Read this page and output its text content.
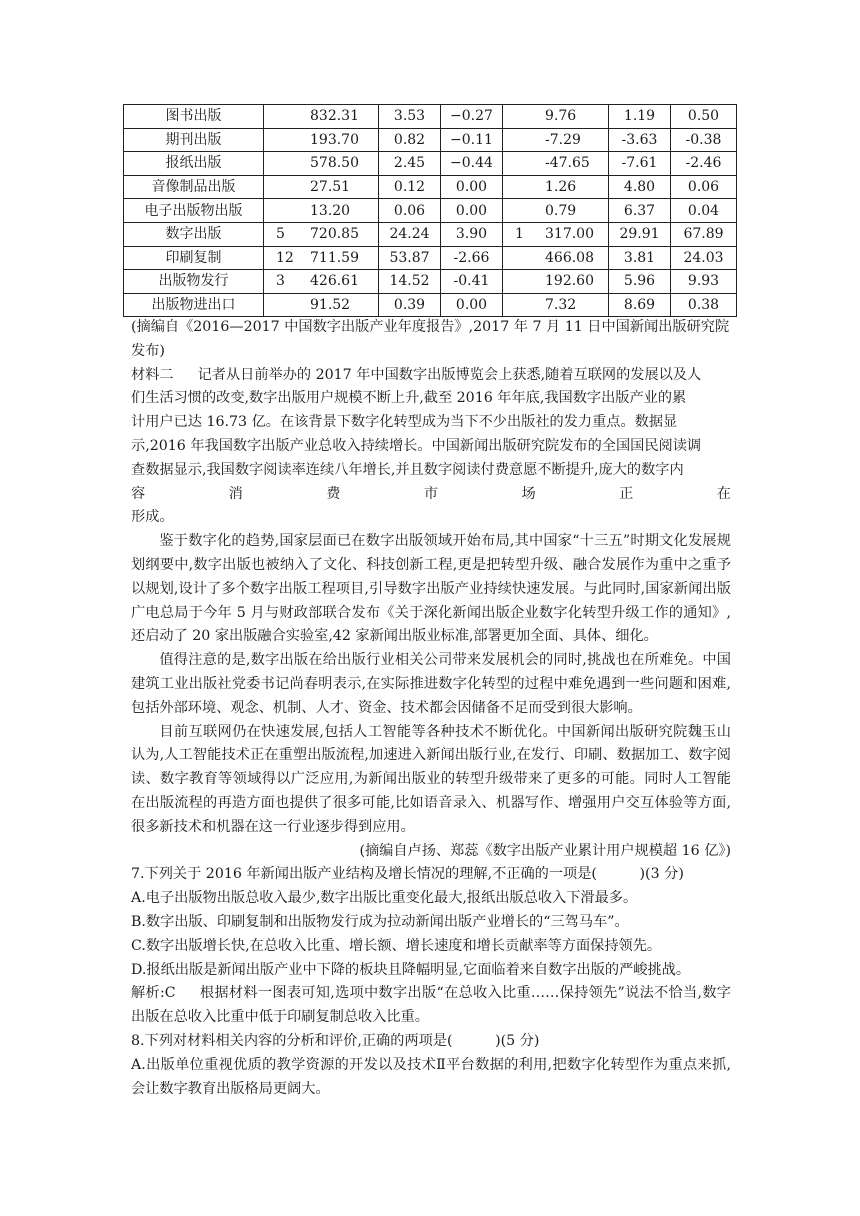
图书出版	832.31	3.53	−0.27	9.76	1.19	0.50
期刊出版	193.70	0.82	−0.11	-7.29	-3.63	-0.38
报纸出版	578.50	2.45	−0.44	-47.65	-7.61	-2.46
音像制品出版	27.51	0.12	0.00	1.26	4.80	0.06
电子出版物出版	13.20	0.06	0.00	0.79	6.37	0.04
数字出版	5 720.85	24.24	3.90	1 317.00	29.91	67.89
印刷复制	12 711.59	53.87	-2.66	466.08	3.81	24.03
出版物发行	3 426.61	14.52	-0.41	192.60	5.96	9.93
出版物进出口	91.52	0.39	0.00	7.32	8.69	0.38

(摘编自《2016—2017 中国数字出版产业年度报告》,2017 年 7 月 11 日中国新闻出版研究院
发布)

材料二 记者从日前举办的 2017 年中国数字出版博览会上获悉,随着互联网的发展以及人
们生活习惯的改变,数字出版用户规模不断上升,截至 2016 年年底,我国数字出版产业的累
计用户已达 16.73 亿。在该背景下数字化转型成为当下不少出版社的发力重点。数据显
示,2016 年我国数字出版产业总收入持续增长。中国新闻出版研究院发布的全国国民阅读调
查数据显示,我国数字阅读率连续八年增长,并且数字阅读付费意愿不断提升,庞大的数字内

容	消	费	市	场	正	在

形成。

鉴于数字化的趋势,国家层面已在数字出版领域开始布局,其中国家“十三五”时期文化发展规划纲要中,数字出版也被纳入了文化、科技创新工程,更是把转型升级、融合发展作为重中之重予以规划,设计了多个数字出版工程项目,引导数字出版产业持续快速发展。与此同时,国家新闻出版广电总局于今年 5 月与财政部联合发布《关于深化新闻出版企业数字化转型升级工作的通知》,还启动了 20 家出版融合实验室,42 家新闻出版业标准,部署更加全面、具体、细化。

值得注意的是,数字出版在给出版行业相关公司带来发展机会的同时,挑战也在所难免。中国建筑工业出版社党委书记尚春明表示,在实际推进数字化转型的过程中难免遇到一些问题和困难,包括外部环境、观念、机制、人才、资金、技术都会因储备不足而受到很大影响。

目前互联网仍在快速发展,包括人工智能等各种技术不断优化。中国新闻出版研究院魏玉山认为,人工智能技术正在重塑出版流程,加速进入新闻出版行业,在发行、印刷、数据加工、数字阅读、数字教育等领域得以广泛应用,为新闻出版业的转型升级带来了更多的可能。同时人工智能在出版流程的再造方面也提供了很多可能,比如语音录入、机器写作、增强用户交互体验等方面,很多新技术和机器在这一行业逐步得到应用。

(摘编自卢扬、郑蕊《数字出版产业累计用户规模超 16 亿》)

7.下列关于 2016 年新闻出版产业结构及增长情况的理解,不正确的一项是(　　　)(3 分)

A.电子出版物出版总收入最少,数字出版比重变化最大,报纸出版总收入下滑最多。

B.数字出版、印刷复制和出版物发行成为拉动新闻出版产业增长的“三驾马车”。

C.数字出版增长快,在总收入比重、增长额、增长速度和增长贡献率等方面保持领先。

D.报纸出版是新闻出版产业中下降的板块且降幅明显,它面临着来自数字出版的严峻挑战。

解析:C 根据材料一图表可知,选项中数字出版“在总收入比重……保持领先”说法不恰当,数字出版在总收入比重中低于印刷复制总收入比重。

8.下列对材料相关内容的分析和评价,正确的两项是(　　　)(5 分)

A.出版单位重视优质的教学资源的开发以及技术Ⅱ平台数据的利用,把数字化转型作为重点来抓,会让数字教育出版格局更阔大。
